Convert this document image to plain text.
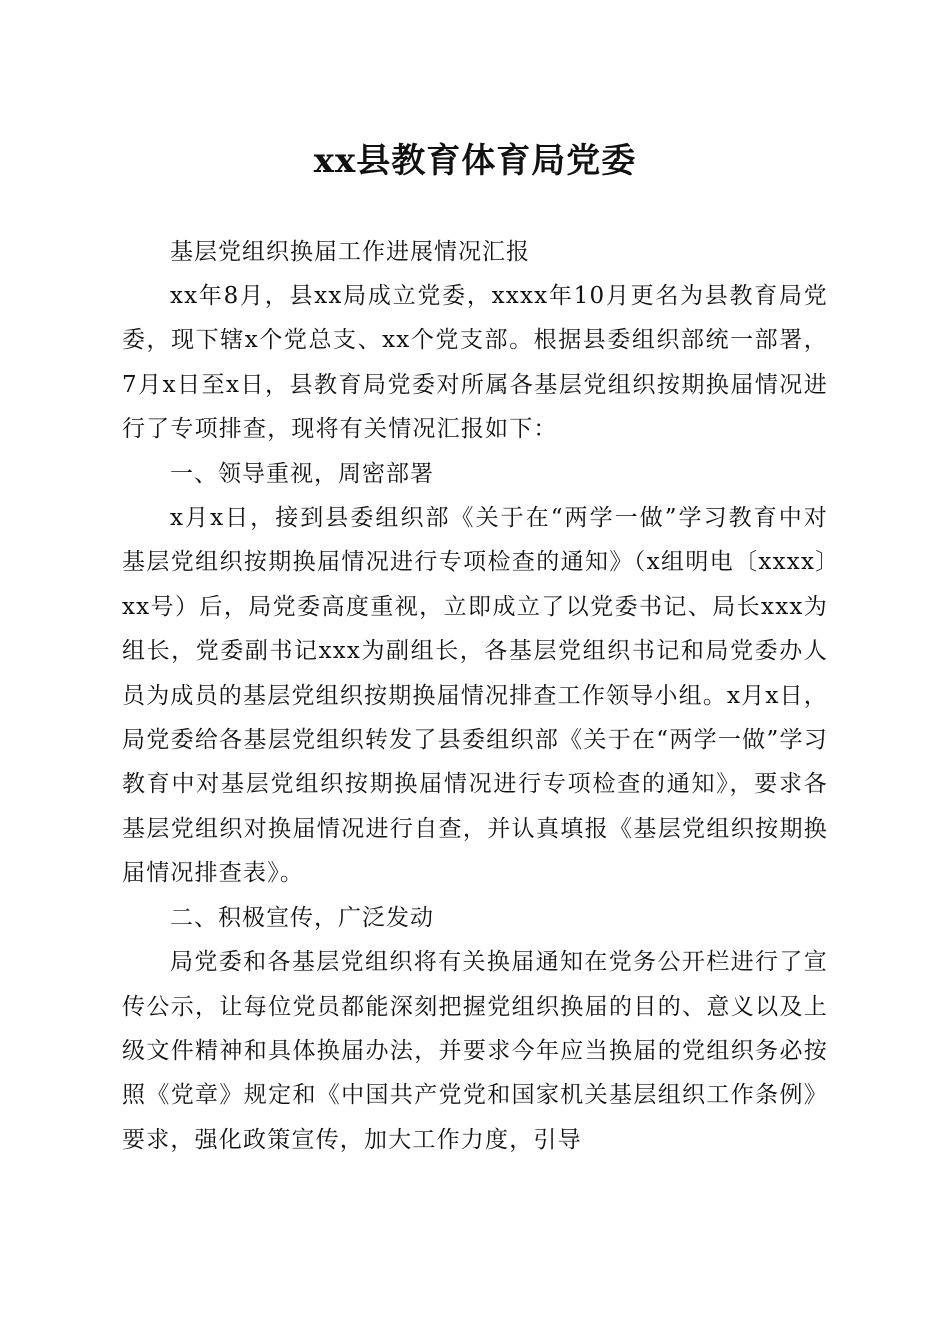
xx县教育体育局党委

基层党组织换届工作进展情况汇报

xx年8月，县xx局成立党委，xxxx年10月更名为县教育局党委，现下辖x个党总支、xx个党支部。根据县委组织部统一部署，7月x日至x日，县教育局党委对所属各基层党组织按期换届情况进行了专项排查，现将有关情况汇报如下：

一、领导重视，周密部署

x月x日，接到县委组织部《关于在“两学一做”学习教育中对基层党组织按期换届情况进行专项检查的通知》（x组明电〔xxxx〕xx号）后，局党委高度重视，立即成立了以党委书记、局长xxx为组长，党委副书记xxx为副组长，各基层党组织书记和局党委办人员为成员的基层党组织按期换届情况排查工作领导小组。x月x日，局党委给各基层党组织转发了县委组织部《关于在“两学一做”学习教育中对基层党组织按期换届情况进行专项检查的通知》，要求各基层党组织对换届情况进行自查，并认真填报《基层党组织按期换届情况排查表》。

二、积极宣传，广泛发动

局党委和各基层党组织将有关换届通知在党务公开栏进行了宣传公示，让每位党员都能深刻把握党组织换届的目的、意义以及上级文件精神和具体换届办法，并要求今年应当换届的党组织务必按照《党章》规定和《中国共产党党和国家机关基层组织工作条例》要求，强化政策宣传，加大工作力度，引导
